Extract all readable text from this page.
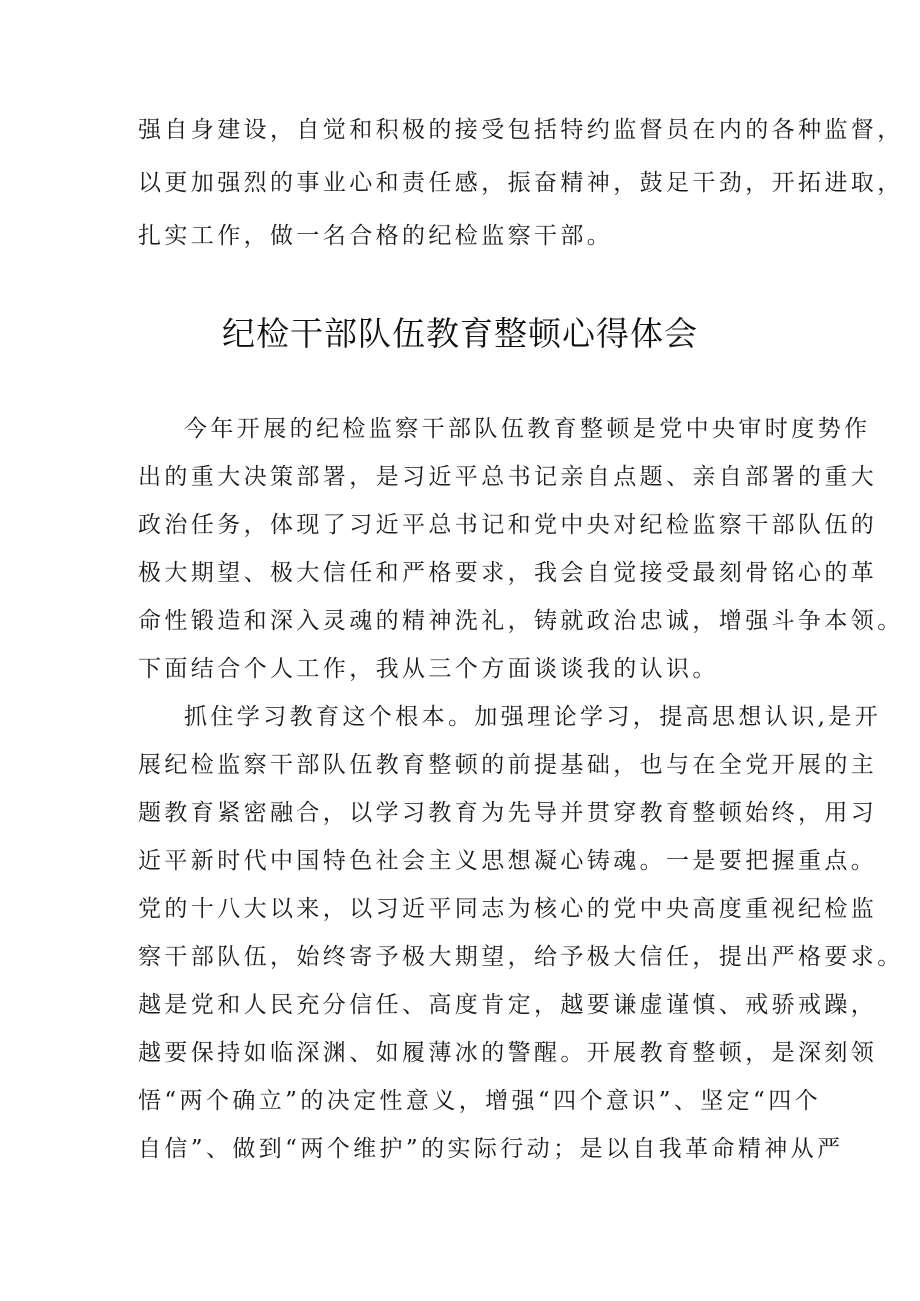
强自身建设，自觉和积极的接受包括特约监督员在内的各种监督，
以更加强烈的事业心和责任感，振奋精神，鼓足干劲，开拓进取，
扎实工作，做一名合格的纪检监察干部。
纪检干部队伍教育整顿心得体会
今年开展的纪检监察干部队伍教育整顿是党中央审时度势作
出的重大决策部署，是习近平总书记亲自点题、亲自部署的重大
政治任务，体现了习近平总书记和党中央对纪检监察干部队伍的
极大期望、极大信任和严格要求，我会自觉接受最刻骨铭心的革
命性锻造和深入灵魂的精神洗礼，铸就政治忠诚，增强斗争本领。
下面结合个人工作，我从三个方面谈谈我的认识。
抓住学习教育这个根本。加强理论学习，提高思想认识,是开
展纪检监察干部队伍教育整顿的前提基础，也与在全党开展的主
题教育紧密融合，以学习教育为先导并贯穿教育整顿始终，用习
近平新时代中国特色社会主义思想凝心铸魂。一是要把握重点。
党的十八大以来，以习近平同志为核心的党中央高度重视纪检监
察干部队伍，始终寄予极大期望，给予极大信任，提出严格要求。
越是党和人民充分信任、高度肯定，越要谦虚谨慎、戒骄戒躁，
越要保持如临深渊、如履薄冰的警醒。开展教育整顿，是深刻领
悟“两个确立”的决定性意义，增强“四个意识”、坚定“四个
自信”、做到“两个维护”的实际行动；是以自我革命精神从严
